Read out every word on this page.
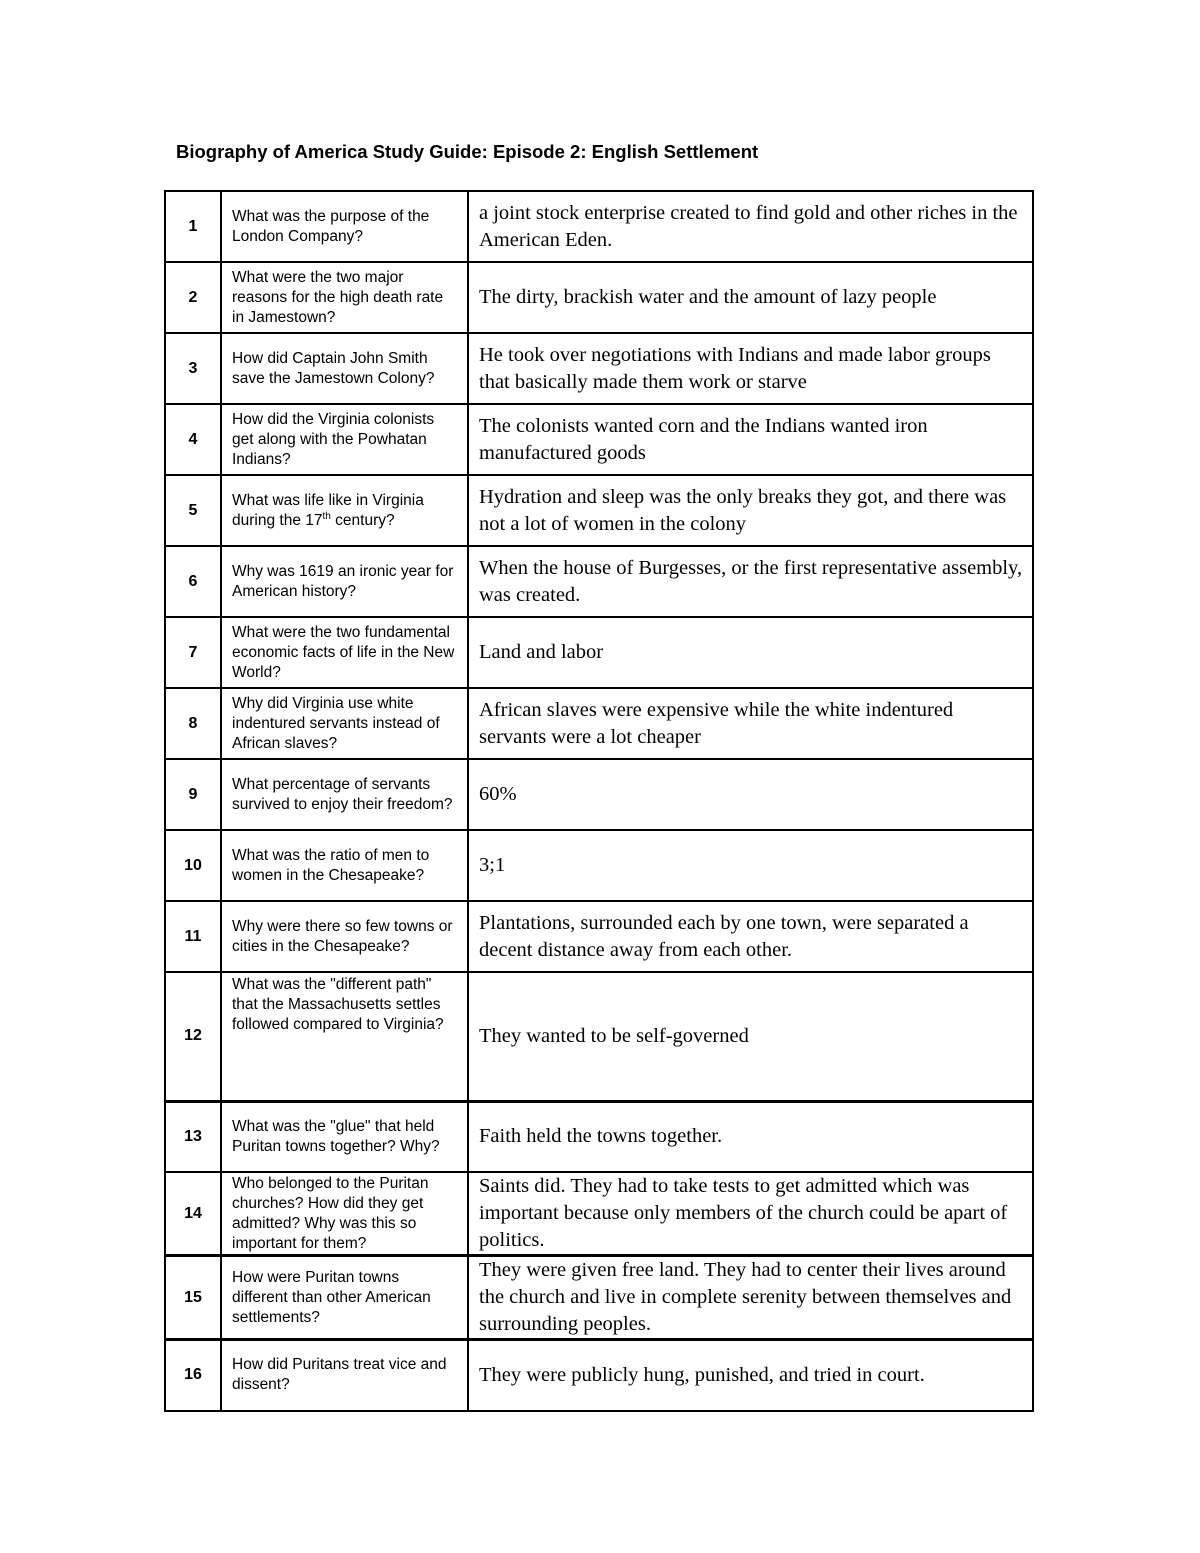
Biography of America Study Guide: Episode 2: English Settlement
1	What was the purpose of the London Company?	a joint stock enterprise created to find gold and other riches in the American Eden.
2	What were the two major reasons for the high death rate in Jamestown?	The dirty, brackish water and the amount of lazy people
3	How did Captain John Smith save the Jamestown Colony?	He took over negotiations with Indians and made labor groups that basically made them work or starve
4	How did the Virginia colonists get along with the Powhatan Indians?	The colonists wanted corn and the Indians wanted iron manufactured goods
5	What was life like in Virginia during the 17th century?	Hydration and sleep was the only breaks they got, and there was not a lot of women in the colony
6	Why was 1619 an ironic year for American history?	When the house of Burgesses, or the first representative assembly, was created.
7	What were the two fundamental economic facts of life in the New World?	Land and labor
8	Why did Virginia use white indentured servants instead of African slaves?	African slaves were expensive while the white indentured servants were a lot cheaper
9	What percentage of servants survived to enjoy their freedom?	60%
10	What was the ratio of men to women in the Chesapeake?	3;1
11	Why were there so few towns or cities in the Chesapeake?	Plantations, surrounded each by one town, were separated a decent distance away from each other.
12	What was the "different path" that the Massachusetts settles followed compared to Virginia?	They wanted to be self-governed
13	What was the "glue" that held Puritan towns together? Why?	Faith held the towns together.
14	Who belonged to the Puritan churches? How did they get admitted? Why was this so important for them?	Saints did. They had to take tests to get admitted which was important because only members of the church could be apart of politics.
15	How were Puritan towns different than other American settlements?	They were given free land. They had to center their lives around the church and live in complete serenity between themselves and surrounding peoples.
16	How did Puritans treat vice and dissent?	They were publicly hung, punished, and tried in court.
